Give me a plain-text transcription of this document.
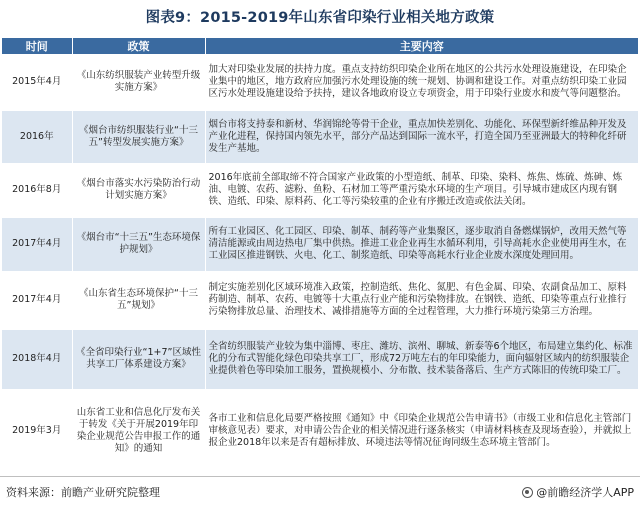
图表9：2015-2019年山东省印染行业相关地方政策
时间	政策	主要内容
2015年4月	《山东纺织服装产业转型升级实施方案》	加大对印染业发展的扶持力度。重点支持纺织印染企业所在地区的公共污水处理设施建设，在印染企业集中的地区，地方政府应加强污水处理设施的统一规划、协调和建设工作。对重点纺织印染工业园区污水处理设施建设给予扶持，建议各地政府设立专项资金，用于印染行业废水和废气等问题整治。
2016年	《烟台市纺织服装行业“十三五”转型发展实施方案》	烟台市将支持泰和新材、华润锦纶等骨干企业，重点加快差别化、功能化、环保型新纤维品种开发及产业化进程，保持国内领先水平，部分产品达到国际一流水平，打造全国乃至亚洲最大的特种化纤研发生产基地。
2016年8月	《烟台市落实水污染防治行动计划实施方案》	2016年底前全部取缔不符合国家产业政策的小型造纸、制革、印染、染料、炼焦、炼硫、炼砷、炼油、电镀、农药、滤粉、鱼粉、石材加工等严重污染水环境的生产项目。引导城市建成区内现有钢铁、造纸、印染、原料药、化工等污染较重的企业有序搬迁改造或依法关闭。
2017年4月	《烟台市“十三五”生态环境保护规划》	所有工业园区、化工园区、印染、制革、制药等产业集聚区，逐步取消自备燃煤锅炉，改用天然气等清洁能源或由周边热电厂集中供热。推进工业企业再生水循环利用，引导高耗水企业使用再生水，在工业园区推进钢铁、火电、化工、制浆造纸、印染等高耗水行业企业废水深度处理回用。
2017年4月	《山东省生态环境保护“十三五”规划》	制定实施差别化区域环境准入政策，控制造纸、焦化、氮肥、有色金属、印染、农副食品加工、原料药制造、制革、农药、电镀等十大重点行业产能和污染物排放。在钢铁、造纸、印染等重点行业推行污染物排放总量、治理技术、减排措施等方面的全过程管理，大力推行环境污染第三方治理。
2018年4月	《全省印染行业“1+7”区域性共享工厂体系建设方案》	全省纺织服装产业较为集中淄博、枣庄、潍坊、滨州、聊城、新泰等6个地区，布局建立集约化、标准化的分布式智能化绿色印染共享工厂，形成72万吨左右的年印染能力，面向辐射区域内的纺织服装企业提供着色等印染加工服务，置换规模小、分布散、技术装备落后、生产方式陈旧的传统印染工厂。
2019年3月	山东省工业和信息化厅发布关于转发《关于开展2019年印染企业规范公告申报工作的通知》的通知	各市工业和信息化局要严格按照《通知》中《印染企业规范公告申请书》（市级工业和信息化主管部门审核意见表）要求，对申请公告企业的相关情况进行逐条核实（申请材料核查及现场查验），并就拟上报企业2018年以来是否有超标排放、环境违法等情况征询同级生态环境主管部门。
资料来源：前瞻产业研究院整理	@前瞻经济学人APP
